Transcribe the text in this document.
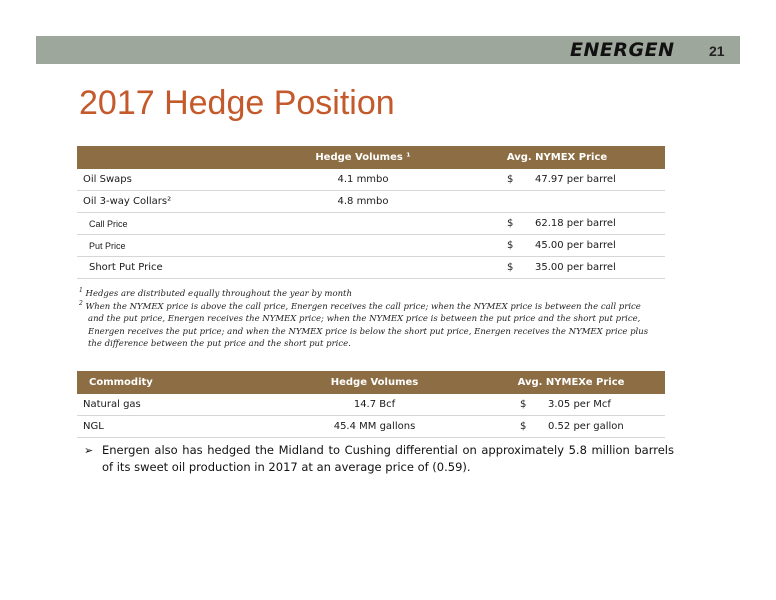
ENERGEN 21
2017 Hedge Position
	Hedge Volumes ¹	Avg. NYMEX Price
Oil Swaps	4.1 mmbo	$ 47.97 per barrel
Oil 3-way Collars²	4.8 mmbo	
Call Price		$ 62.18 per barrel
Put Price		$ 45.00 per barrel
Short Put Price		$ 35.00 per barrel
$^1$ Hedges are distributed equally throughout the year by month
$^2$ When the NYMEX price is above the call price, Energen receives the call price; when the NYMEX price is between the call price
and the put price, Energen receives the NYMEX price; when the NYMEX price is between the put price and the short put price,
Energen receives the put price; and when the NYMEX price is below the short put price, Energen receives the NYMEX price plus
the difference between the put price and the short put price.
Commodity	Hedge Volumes	Avg. NYMEXe Price
Natural gas	14.7 Bcf	$ 3.05 per Mcf
NGL	45.4 MM gallons	$ 0.52 per gallon
➢ Energen also has hedged the Midland to Cushing differential on approximately 5.8 million barrels of its sweet oil production in 2017 at an average price of (0.59).
